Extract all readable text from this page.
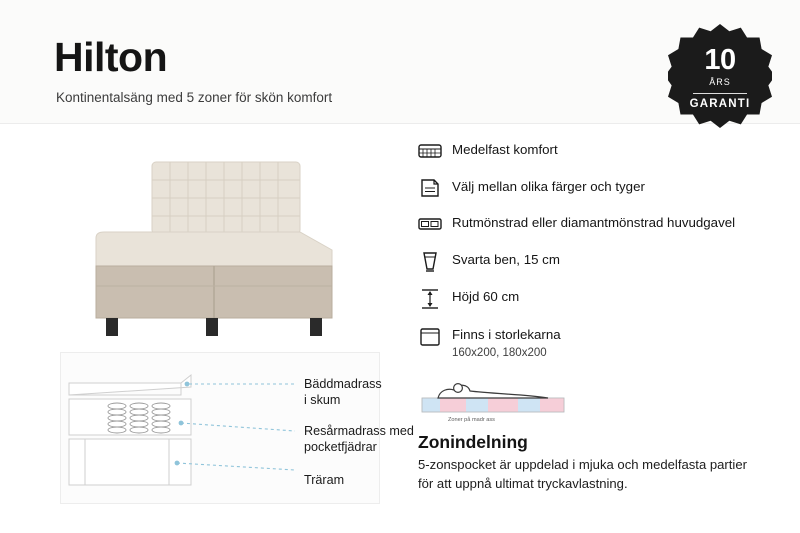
Hilton
Kontinentalsäng med 5 zoner för skön komfort
10
ÅRS
GARANTI
Medelfast komfort
Välj mellan olika färger och tyger
Rutmönstrad eller diamantmönstrad huvudgavel
Svarta ben, 15 cm
Höjd 60 cm
Finns i storlekarna
160x200, 180x200
Bäddmadrass
i skum
Resårmadrass med
pocketfjädrar
Träram
Zoner på madr ass
Zonindelning
5-zonspocket är uppdelad i mjuka och medelfasta partier för att uppnå ultimat tryckavlastning.
